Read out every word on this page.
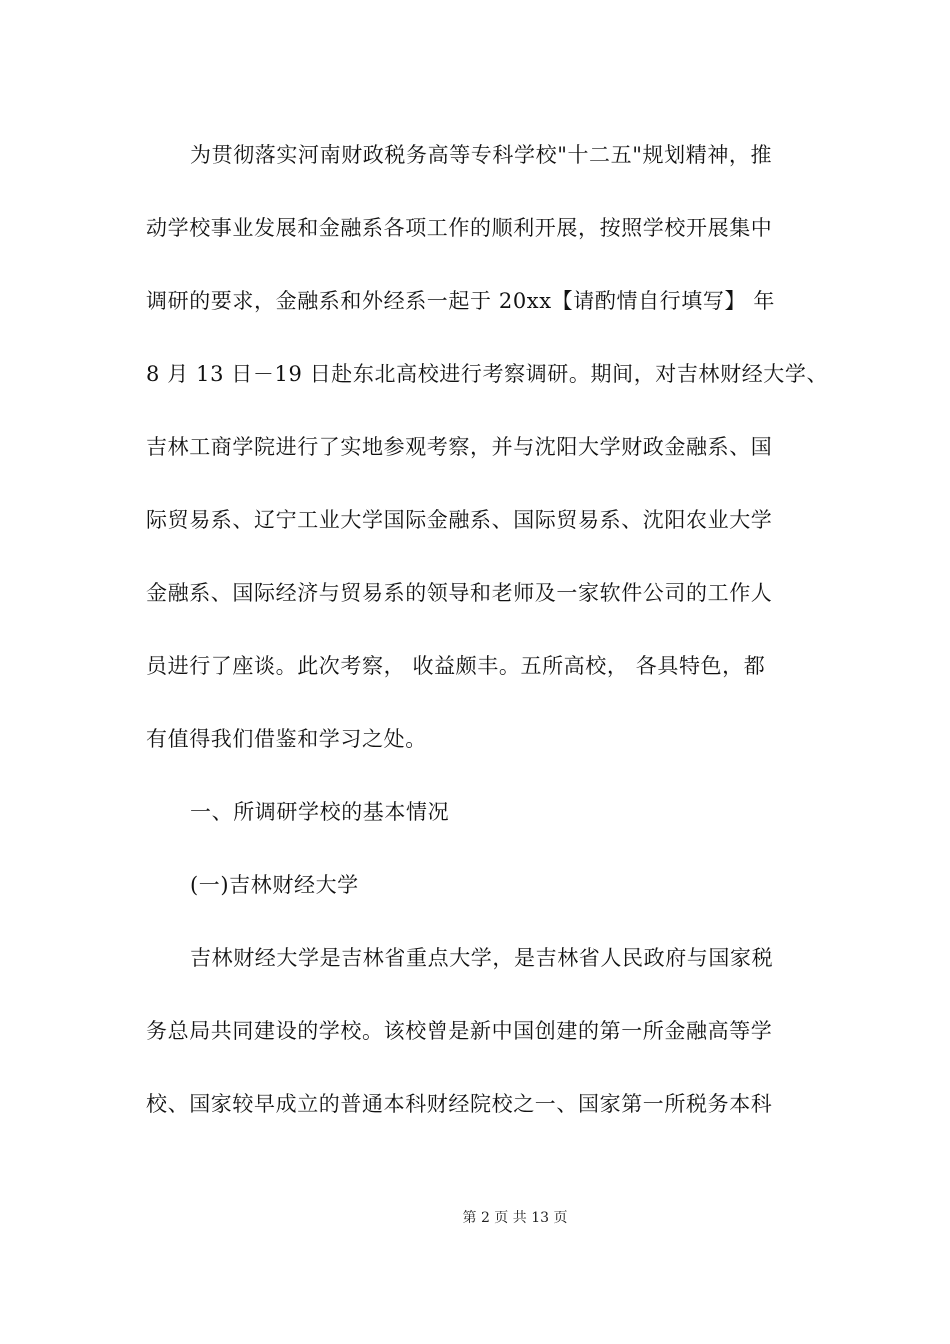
为贯彻落实河南财政税务高等专科学校"十二五"规划精神，推
动学校事业发展和金融系各项工作的顺利开展，按照学校开展集中
调研的要求，金融系和外经系一起于 20xx【请酌情自行填写】 年
8 月 13 日－19 日赴东北高校进行考察调研。期间，对吉林财经大学、
吉林工商学院进行了实地参观考察，并与沈阳大学财政金融系、国
际贸易系、辽宁工业大学国际金融系、国际贸易系、沈阳农业大学
金融系、国际经济与贸易系的领导和老师及一家软件公司的工作人
员进行了座谈。此次考察， 收益颇丰。五所高校， 各具特色，都
有值得我们借鉴和学习之处。
一、所调研学校的基本情况
(一)吉林财经大学
吉林财经大学是吉林省重点大学，是吉林省人民政府与国家税
务总局共同建设的学校。该校曾是新中国创建的第一所金融高等学
校、国家较早成立的普通本科财经院校之一、国家第一所税务本科
第 2 页 共 13 页
